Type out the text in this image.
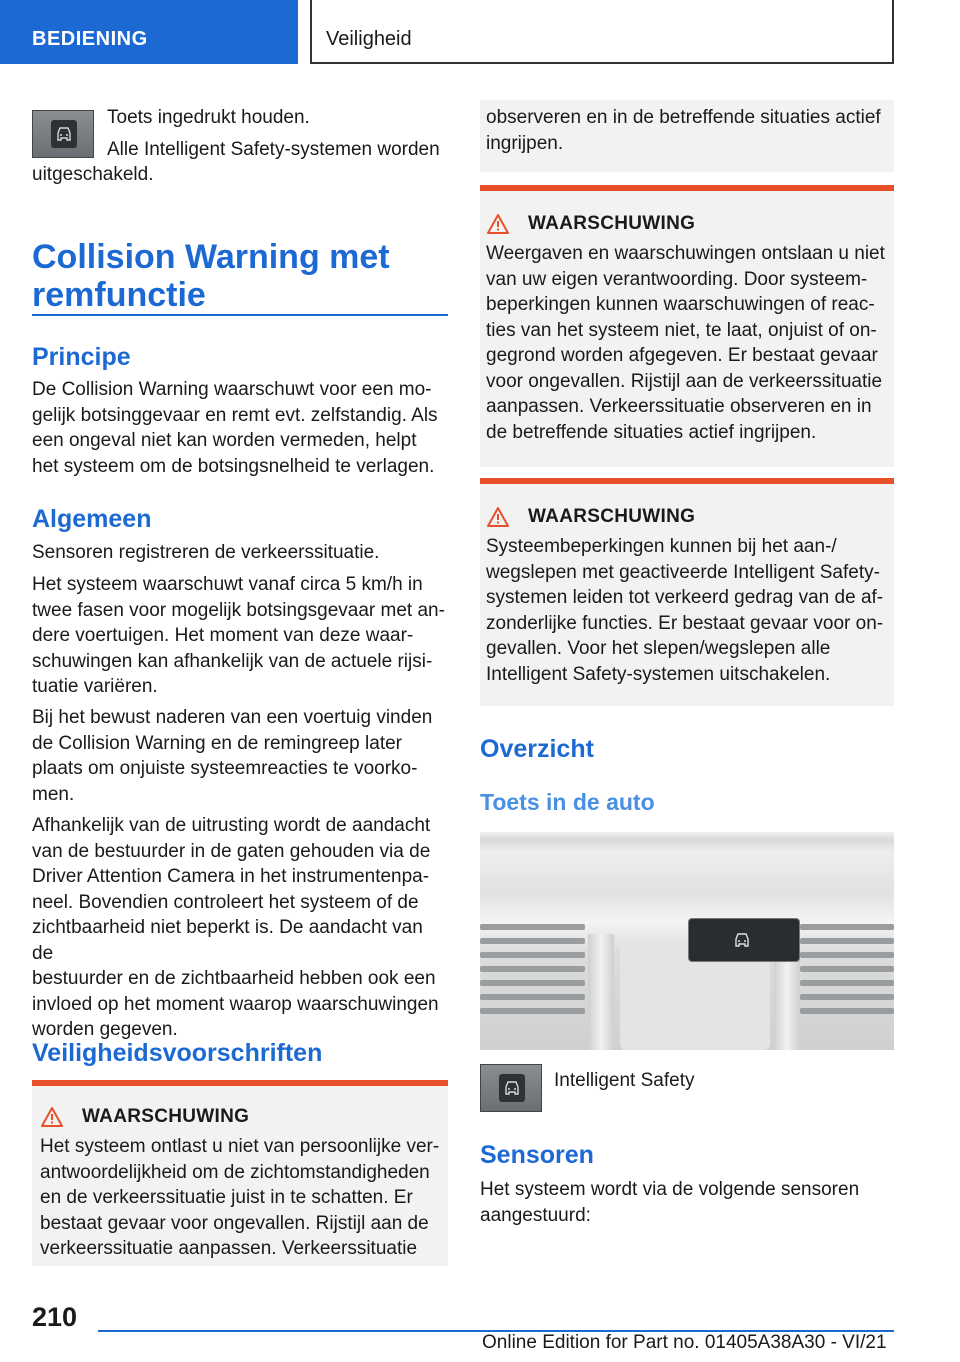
BEDIENING	Veiligheid

Toets ingedrukt houden.

Alle Intelligent Safety-systemen worden

uitgeschakeld.

Collision Warning met
remfunctie
Principe

De Collision Warning waarschuwt voor een mo-

gelijk botsinggevaar en remt evt. zelfstandig. Als

een ongeval niet kan worden vermeden, helpt

het systeem om de botsingsnelheid te verlagen.

Algemeen

Sensoren registreren de verkeerssituatie.

Het systeem waarschuwt vanaf circa 5 km/h in

twee fasen voor mogelijk botsingsgevaar met an-

dere voertuigen. Het moment van deze waar-

schuwingen kan afhankelijk van de actuele rijsi-

tuatie variëren.

Bij het bewust naderen van een voertuig vinden

de Collision Warning en de remingreep later

plaats om onjuiste systeemreacties te voorko-

men.

Afhankelijk van de uitrusting wordt de aandacht

van de bestuurder in de gaten gehouden via de

Driver Attention Camera in het instrumentenpa-

neel. Bovendien controleert het systeem of de

zichtbaarheid niet beperkt is. De aandacht van de

bestuurder en de zichtbaarheid hebben ook een

invloed op het moment waarop waarschuwingen

worden gegeven.

Veiligheidsvoorschriften
WAARSCHUWING

Het systeem ontlast u niet van persoonlijke ver-

antwoordelijkheid om de zichtomstandigheden

en de verkeerssituatie juist in te schatten. Er

bestaat gevaar voor ongevallen. Rijstijl aan de

verkeerssituatie aanpassen. Verkeerssituatie

observeren en in de betreffende situaties actief

ingrijpen.

WAARSCHUWING

Weergaven en waarschuwingen ontslaan u niet

van uw eigen verantwoording. Door systeem-

beperkingen kunnen waarschuwingen of reac-

ties van het systeem niet, te laat, onjuist of on-

gegrond worden afgegeven. Er bestaat gevaar

voor ongevallen. Rijstijl aan de verkeerssituatie

aanpassen. Verkeerssituatie observeren en in

de betreffende situaties actief ingrijpen.

WAARSCHUWING

Systeembeperkingen kunnen bij het aan-/

wegslepen met geactiveerde Intelligent Safety-

systemen leiden tot verkeerd gedrag van de af-

zonderlijke functies. Er bestaat gevaar voor on-

gevallen. Voor het slepen/wegslepen alle

Intelligent Safety-systemen uitschakelen.

Overzicht
Toets in de auto

Intelligent Safety

Sensoren

Het systeem wordt via de volgende sensoren

aangestuurd:

210
Online Edition for Part no. 01405A38A30 - VI/21
